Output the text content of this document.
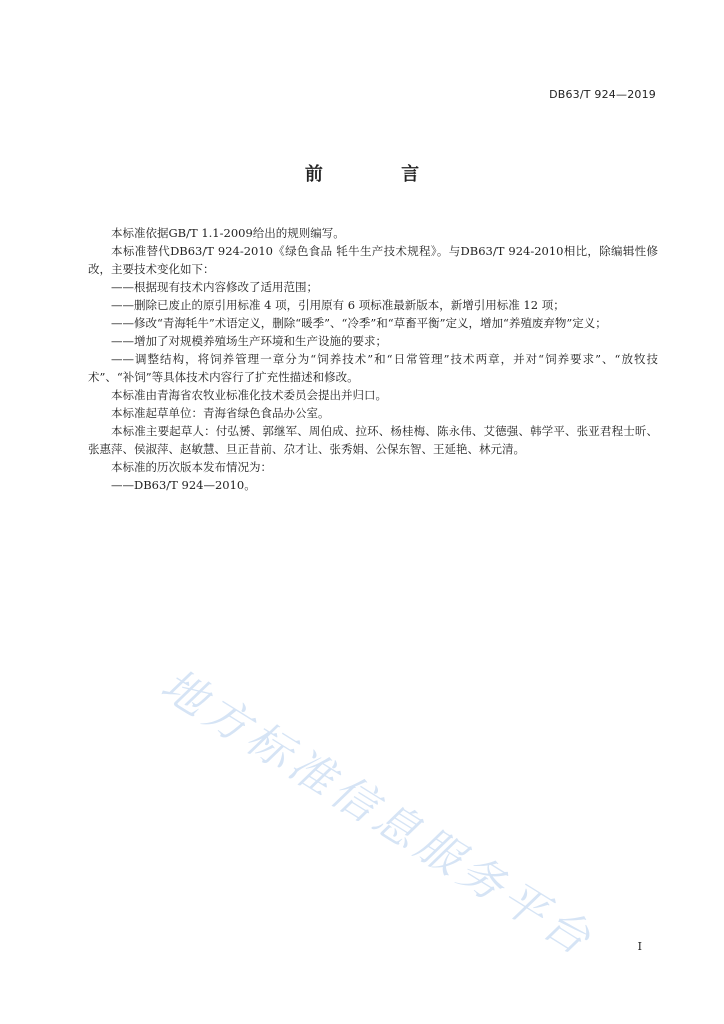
DB63/T 924—2019
前 言

本标准依据GB/T 1.1-2009给出的规则编写。

本标准替代DB63/T 924-2010《绿色食品 牦牛生产技术规程》。与DB63/T 924-2010相比，除编辑性修改，主要技术变化如下：

——根据现有技术内容修改了适用范围；

——删除已废止的原引用标准 4 项，引用原有 6 项标准最新版本，新增引用标准 12 项；

——修改“青海牦牛”术语定义，删除“暖季”、“冷季”和“草畜平衡”定义，增加“养殖废弃物”定义；

——增加了对规模养殖场生产环境和生产设施的要求；

——调整结构，将饲养管理一章分为“饲养技术”和“日常管理”技术两章，并对“饲养要求”、“放牧技术”、“补饲”等具体技术内容行了扩充性描述和修改。

本标准由青海省农牧业标准化技术委员会提出并归口。

本标准起草单位：青海省绿色食品办公室。

本标准主要起草人：付弘赟、郭继军、周伯成、拉环、杨桂梅、陈永伟、艾德强、韩学平、张亚君程士昕、张惠萍、侯淑萍、赵敏慧、旦正昔前、尕才让、张秀娟、公保东智、王延艳、林元清。

本标准的历次版本发布情况为：

——DB63/T 924—2010。

地方标准信息服务平台	I
